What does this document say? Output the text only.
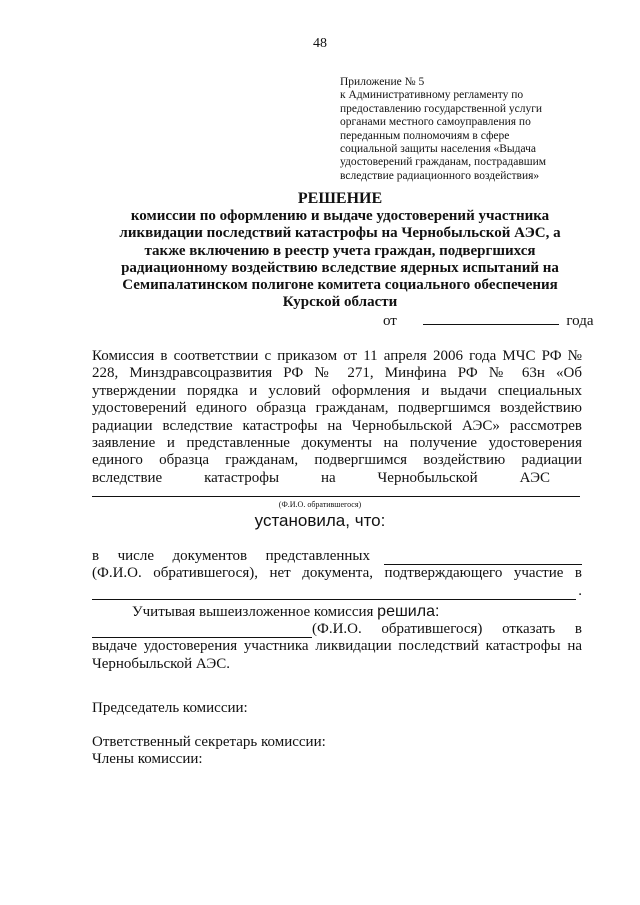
48
Приложение № 5
к Административному регламенту по
предоставлению государственной услуги
органами местного самоуправления по
переданным полномочиям в сфере
социальной защиты населения «Выдача
удостоверений гражданам, пострадавшим
вследствие радиационного воздействия»
РЕШЕНИЕ
комиссии по оформлению и выдаче удостоверений участника
ликвидации последствий катастрофы на Чернобыльской АЭС, а
также включению в реестр учета граждан, подвергшихся
радиационному воздействию вследствие ядерных испытаний на
Семипалатинском полигоне комитета социального обеспечения
Курской области
от	года
Комиссия в соответствии с приказом от 11 апреля 2006 года МЧС РФ №
228, Минздравсоцразвития РФ № 271, Минфина РФ № 63н «Об
утверждении порядка и условий оформления и выдачи специальных
удостоверений единого образца гражданам, подвергшимся воздействию
радиации вследствие катастрофы на Чернобыльской АЭС» рассмотрев
заявление и представленные документы на получение удостоверения
единого образца гражданам, подвергшимся воздействию радиации
вследствие катастрофы на Чернобыльской АЭС
(Ф.И.О. обратившегося)
установила, что:
в числе документов представленных
(Ф.И.О. обратившегося), нет документа, подтверждающего участие в
.
Учитывая вышеизложенное комиссия решила:
(Ф.И.О. обратившегося) отказать в
выдаче удостоверения участника ликвидации последствий катастрофы на
Чернобыльской АЭС.
Председатель комиссии:
Ответственный секретарь комиссии:
Члены комиссии:
